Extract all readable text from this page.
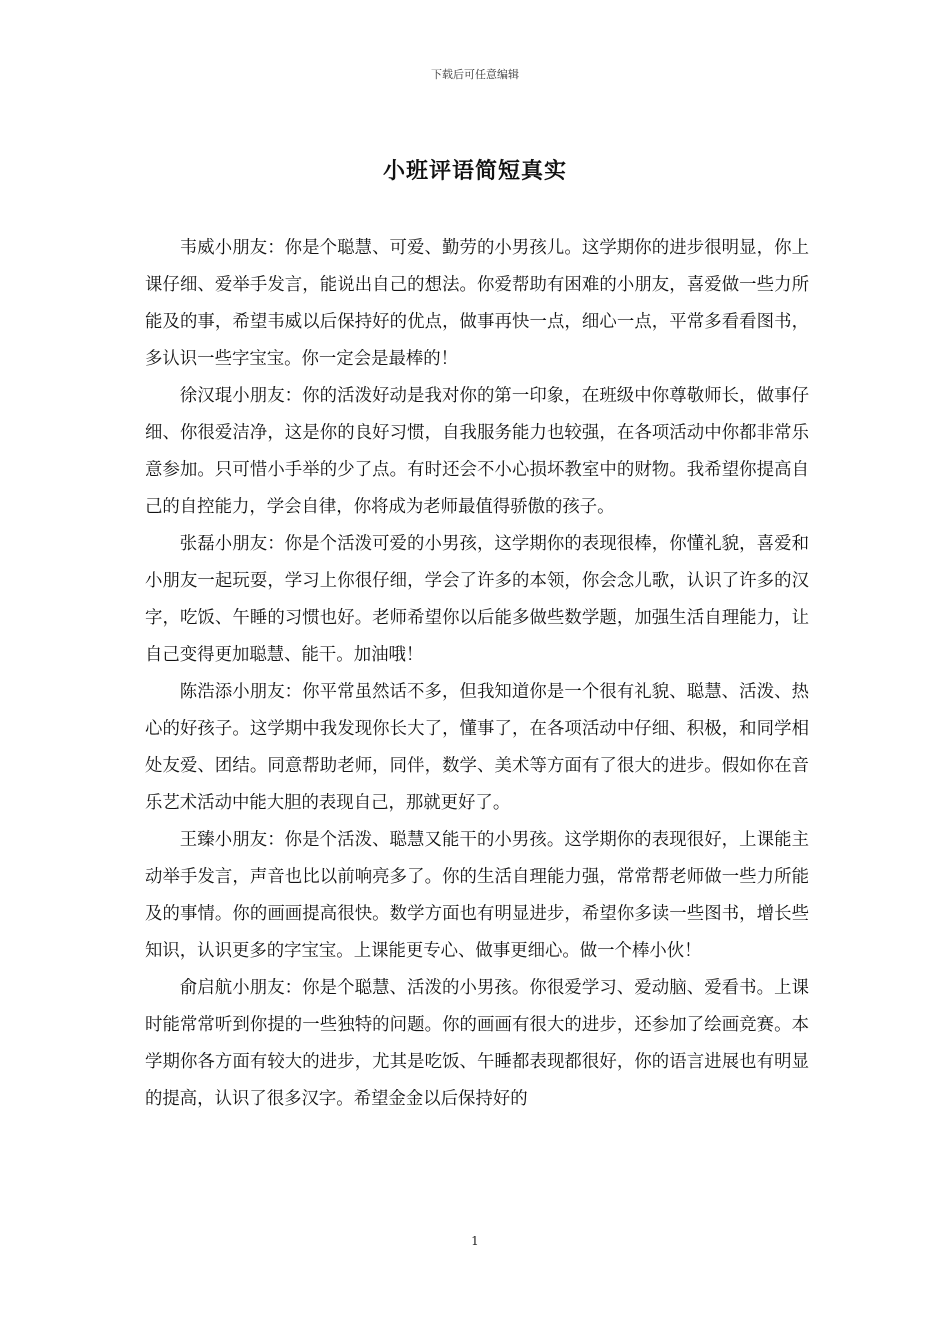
下载后可任意编辑
小班评语简短真实

韦威小朋友：你是个聪慧、可爱、勤劳的小男孩儿。这学期你的进步很明显，你上课仔细、爱举手发言，能说出自己的想法。你爱帮助有困难的小朋友，喜爱做一些力所能及的事，希望韦威以后保持好的优点，做事再快一点，细心一点，平常多看看图书，多认识一些字宝宝。你一定会是最棒的！

徐汉琨小朋友：你的活泼好动是我对你的第一印象，在班级中你尊敬师长，做事仔细、你很爱洁净，这是你的良好习惯，自我服务能力也较强，在各项活动中你都非常乐意参加。只可惜小手举的少了点。有时还会不小心损坏教室中的财物。我希望你提高自己的自控能力，学会自律，你将成为老师最值得骄傲的孩子。

张磊小朋友：你是个活泼可爱的小男孩，这学期你的表现很棒，你懂礼貌，喜爱和小朋友一起玩耍，学习上你很仔细，学会了许多的本领，你会念儿歌，认识了许多的汉字，吃饭、午睡的习惯也好。老师希望你以后能多做些数学题，加强生活自理能力，让自己变得更加聪慧、能干。加油哦！

陈浩添小朋友：你平常虽然话不多，但我知道你是一个很有礼貌、聪慧、活泼、热心的好孩子。这学期中我发现你长大了，懂事了，在各项活动中仔细、积极，和同学相处友爱、团结。同意帮助老师，同伴，数学、美术等方面有了很大的进步。假如你在音乐艺术活动中能大胆的表现自己，那就更好了。

王臻小朋友：你是个活泼、聪慧又能干的小男孩。这学期你的表现很好，上课能主动举手发言，声音也比以前响亮多了。你的生活自理能力强，常常帮老师做一些力所能及的事情。你的画画提高很快。数学方面也有明显进步，希望你多读一些图书，增长些知识，认识更多的字宝宝。上课能更专心、做事更细心。做一个棒小伙！

俞启航小朋友：你是个聪慧、活泼的小男孩。你很爱学习、爱动脑、爱看书。上课时能常常听到你提的一些独特的问题。你的画画有很大的进步，还参加了绘画竞赛。本学期你各方面有较大的进步，尤其是吃饭、午睡都表现都很好，你的语言进展也有明显的提高，认识了很多汉字。希望金金以后保持好的

1
